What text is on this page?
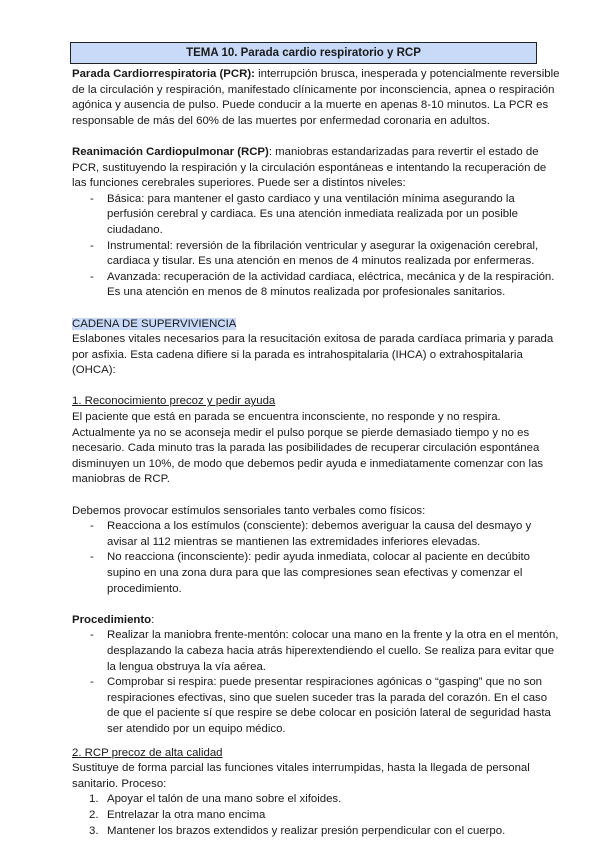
TEMA 10. Parada cardio respiratorio y RCP

Parada Cardiorrespiratoria (PCR): interrupción brusca, inesperada y potencialmente reversible de la circulación y respiración, manifestado clínicamente por inconsciencia, apnea o respiración agónica y ausencia de pulso. Puede conducir a la muerte en apenas 8-10 minutos. La PCR es responsable de más del 60% de las muertes por enfermedad coronaria en adultos.

Reanimación Cardiopulmonar (RCP): maniobras estandarizadas para revertir el estado de PCR, sustituyendo la respiración y la circulación espontáneas e intentando la recuperación de las funciones cerebrales superiores. Puede ser a distintos niveles:

- Básica: para mantener el gasto cardiaco y una ventilación mínima asegurando la perfusión cerebral y cardiaca. Es una atención inmediata realizada por un posible ciudadano.
- Instrumental: reversión de la fibrilación ventricular y asegurar la oxigenación cerebral, cardiaca y tisular. Es una atención en menos de 4 minutos realizada por enfermeras.
- Avanzada: recuperación de la actividad cardiaca, eléctrica, mecánica y de la respiración. Es una atención en menos de 8 minutos realizada por profesionales sanitarios.

CADENA DE SUPERVIVIENCIA

Eslabones vitales necesarios para la resucitación exitosa de parada cardíaca primaria y parada por asfixia. Esta cadena difiere si la parada es intrahospitalaria (IHCA) o extrahospitalaria (OHCA):

1. Reconocimiento precoz y pedir ayuda

El paciente que está en parada se encuentra inconsciente, no responde y no respira. Actualmente ya no se aconseja medir el pulso porque se pierde demasiado tiempo y no es necesario. Cada minuto tras la parada las posibilidades de recuperar circulación espontánea disminuyen un 10%, de modo que debemos pedir ayuda e inmediatamente comenzar con las maniobras de RCP.

Debemos provocar estímulos sensoriales tanto verbales como físicos:

- Reacciona a los estímulos (consciente): debemos averiguar la causa del desmayo y avisar al 112 mientras se mantienen las extremidades inferiores elevadas.
- No reacciona (inconsciente): pedir ayuda inmediata, colocar al paciente en decúbito supino en una zona dura para que las compresiones sean efectivas y comenzar el procedimiento.

Procedimiento:

- Realizar la maniobra frente-mentón: colocar una mano en la frente y la otra en el mentón, desplazando la cabeza hacia atrás hiperextendiendo el cuello. Se realiza para evitar que la lengua obstruya la vía aérea.
- Comprobar si respira: puede presentar respiraciones agónicas o “gasping” que no son respiraciones efectivas, sino que suelen suceder tras la parada del corazón. En el caso de que el paciente sí que respire se debe colocar en posición lateral de seguridad hasta ser atendido por un equipo médico.

2. RCP precoz de alta calidad

Sustituye de forma parcial las funciones vitales interrumpidas, hasta la llegada de personal sanitario. Proceso:

1. Apoyar el talón de una mano sobre el xifoides.
2. Entrelazar la otra mano encima
3. Mantener los brazos extendidos y realizar presión perpendicular con el cuerpo.
